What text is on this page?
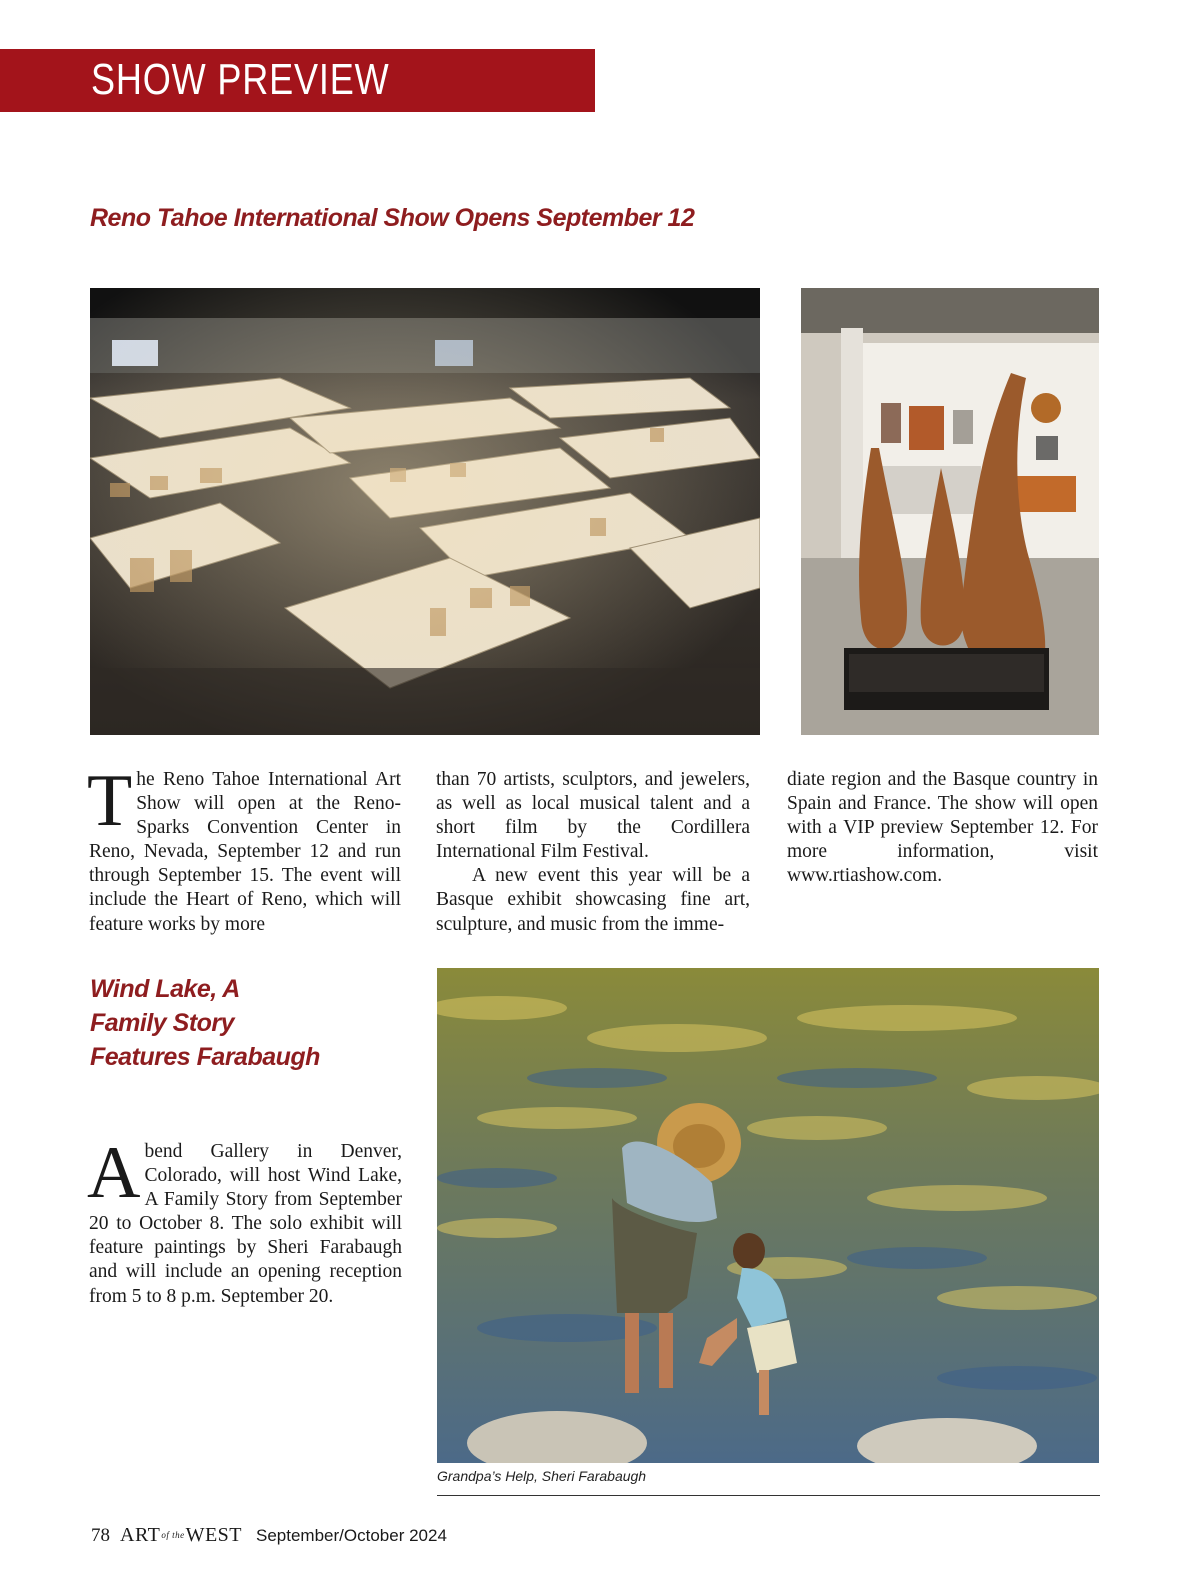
SHOW PREVIEW
Reno Tahoe International Show Opens September 12
The Reno Tahoe International Art Show will open at the Reno-Sparks Convention Center in Reno, Nevada, September 12 and run through September 15. The event will include the Heart of Reno, which will feature works by more

than 70 artists, sculptors, and jewelers, as well as local musical talent and a short film by the Cordillera International Film Festival.

A new event this year will be a Basque exhibit showcasing fine art, sculpture, and music from the imme-

diate region and the Basque country in Spain and France. The show will open with a VIP preview September 12. For more information, visit www.rtiashow.com.

Wind Lake, A
Family Story
Features Farabaugh
Abend Gallery in Denver, Colorado, will host Wind Lake, A Family Story from September 20 to October 8. The solo exhibit will feature paintings by Sheri Farabaugh and will include an opening reception from 5 to 8 p.m. September 20.
Grandpa’s Help, Sheri Farabaugh
78 ARTof theWEST September/October 2024
